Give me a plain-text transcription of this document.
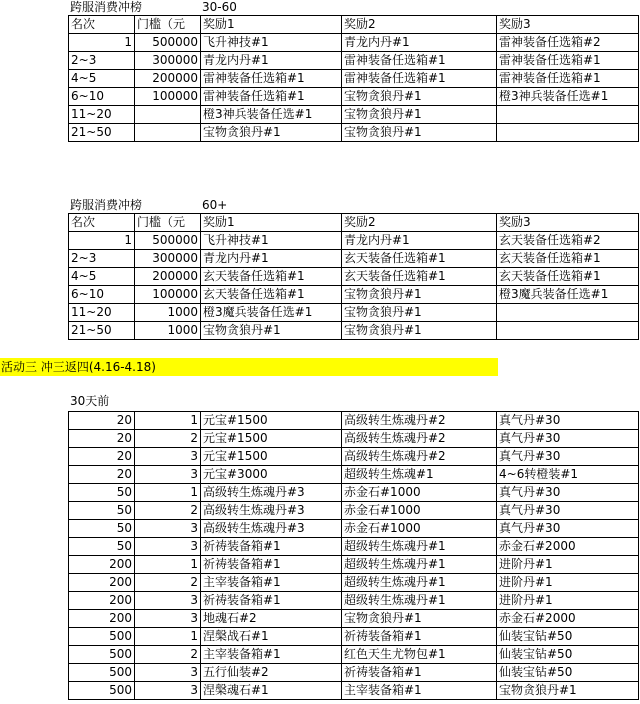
跨服消费冲榜	30-60
名次	门槛（元	奖励1	奖励2	奖励3
1	500000	飞升神技#1	青龙内丹#1	雷神装备任选箱#2
2~3	300000	青龙内丹#1	雷神装备任选箱#1	雷神装备任选箱#1
4~5	200000	雷神装备任选箱#1	雷神装备任选箱#1	雷神装备任选箱#1
6~10	100000	雷神装备任选箱#1	宝物贪狼丹#1	橙3神兵装备任选#1
11~20		橙3神兵装备任选#1	宝物贪狼丹#1	
21~50		宝物贪狼丹#1	宝物贪狼丹#1	
跨服消费冲榜	60+
名次	门槛（元	奖励1	奖励2	奖励3
1	500000	飞升神技#1	青龙内丹#1	玄天装备任选箱#2
2~3	300000	青龙内丹#1	玄天装备任选箱#1	玄天装备任选箱#1
4~5	200000	玄天装备任选箱#1	玄天装备任选箱#1	玄天装备任选箱#1
6~10	100000	玄天装备任选箱#1	宝物贪狼丹#1	橙3魔兵装备任选#1
11~20	1000	橙3魔兵装备任选#1	宝物贪狼丹#1	
21~50	1000	宝物贪狼丹#1	宝物贪狼丹#1	
活动三 冲三返四(4.16-4.18)
30天前
20	1	元宝#1500	高级转生炼魂丹#2	真气丹#30
20	2	元宝#1500	高级转生炼魂丹#2	真气丹#30
20	3	元宝#1500	高级转生炼魂丹#2	真气丹#30
20	3	元宝#3000	超级转生炼魂#1	4~6转橙装#1
50	1	高级转生炼魂丹#3	赤金石#1000	真气丹#30
50	2	高级转生炼魂丹#3	赤金石#1000	真气丹#30
50	3	高级转生炼魂丹#3	赤金石#1000	真气丹#30
50	3	祈祷装备箱#1	超级转生炼魂丹#1	赤金石#2000
200	1	祈祷装备箱#1	超级转生炼魂丹#1	进阶丹#1
200	2	主宰装备箱#1	超级转生炼魂丹#1	进阶丹#1
200	3	祈祷装备箱#1	超级转生炼魂丹#1	进阶丹#1
200	3	地魂石#2	宝物贪狼丹#1	赤金石#2000
500	1	涅槃战石#1	祈祷装备箱#1	仙装宝钻#50
500	2	主宰装备箱#1	红色天生尤物包#1	仙装宝钻#50
500	3	五行仙装#2	祈祷装备箱#1	仙装宝钻#50
500	3	涅槃魂石#1	主宰装备箱#1	宝物贪狼丹#1
